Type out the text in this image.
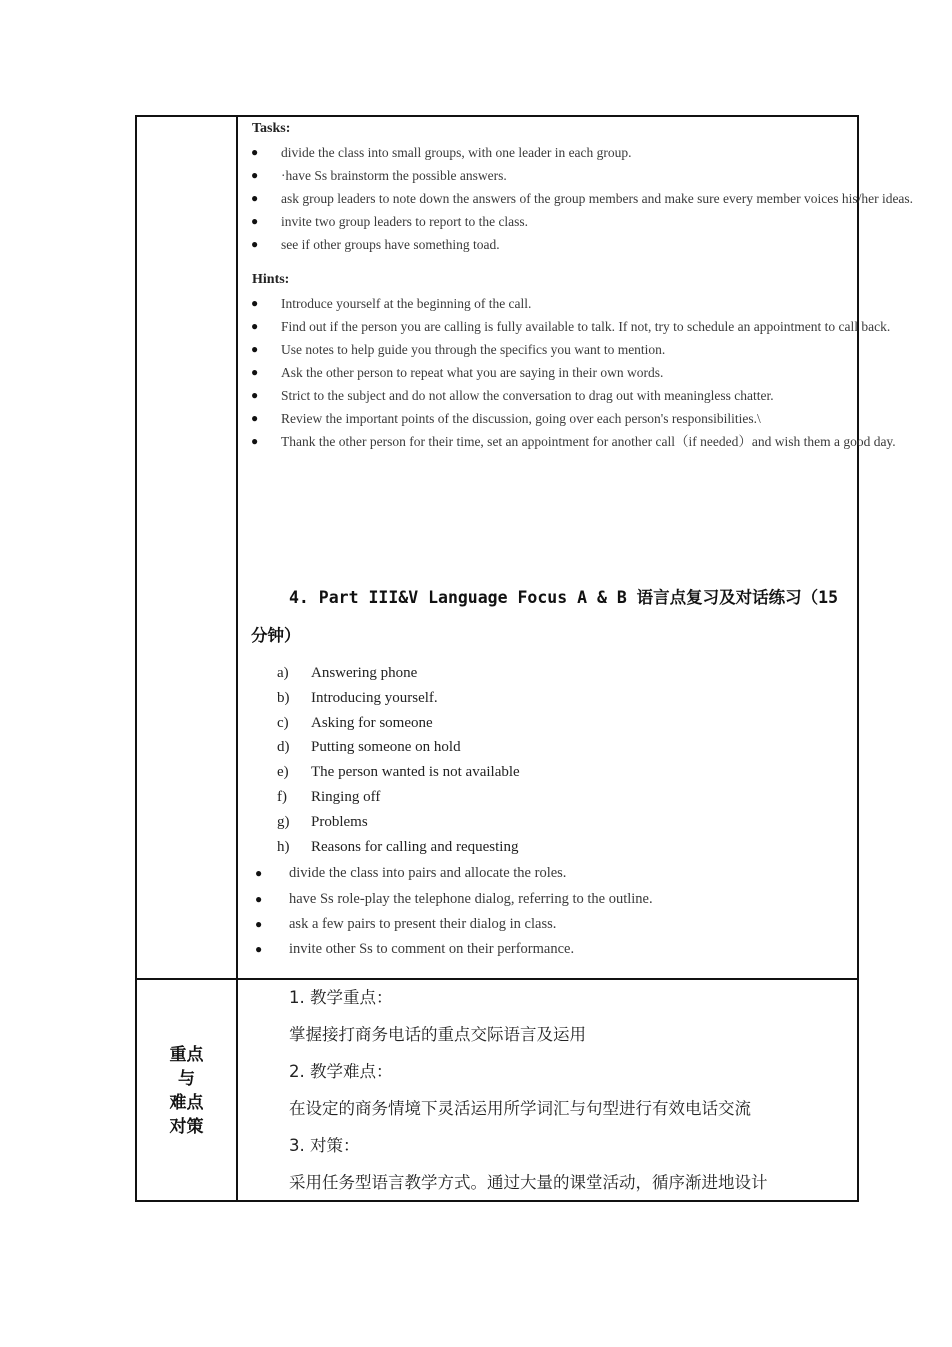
Tasks:
● divide the class into small groups, with one leader in each group.
● ·have Ss brainstorm the possible answers.
● ask group leaders to note down the answers of the group members and make sure every member voices his/her ideas.
● invite two group leaders to report to the class.
● see if other groups have something toad.
Hints:
● Introduce yourself at the beginning of the call.
● Find out if the person you are calling is fully available to talk. If not, try to schedule an appointment to call back.
● Use notes to help guide you through the specifics you want to mention.
● Ask the other person to repeat what you are saying in their own words.
● Strict to the subject and do not allow the conversation to drag out with meaningless chatter.
● Review the important points of the discussion, going over each person's responsibilities.\
● Thank the other person for their time, set an appointment for another call（if needed）and wish them a good day.
4. Part III&V Language Focus A & B 语言点复习及对话练习（15
分钟）
a) Answering phone
b) Introducing yourself.
c) Asking for someone
d) Putting someone on hold
e) The person wanted is not available
f) Ringing off
g) Problems
h) Reasons for calling and requesting
● divide the class into pairs and allocate the roles.
● have Ss role-play the telephone dialog, referring to the outline.
● ask a few pairs to present their dialog in class.
● invite other Ss to comment on their performance.
重点
与
难点
对策
1. 教学重点：
掌握接打商务电话的重点交际语言及运用
2. 教学难点：
在设定的商务情境下灵活运用所学词汇与句型进行有效电话交流
3. 对策：
采用任务型语言教学方式。通过大量的课堂活动，循序渐进地设计
